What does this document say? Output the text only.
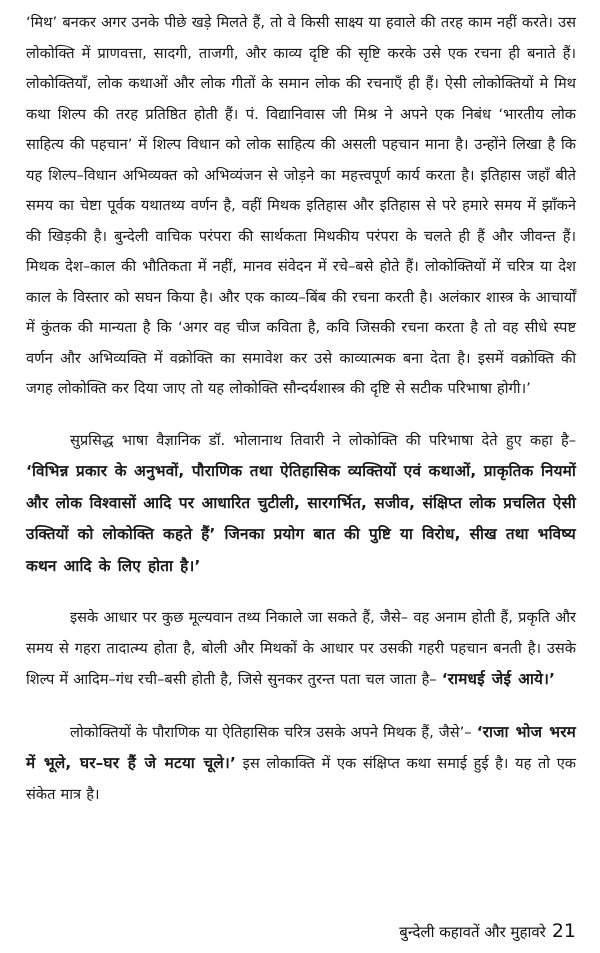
‘मिथ’ बनकर अगर उनके पीछे खड़े मिलते हैं, तो वे किसी साक्ष्य या हवाले की तरह काम नहीं करते। उस लोकोक्ति में प्राणवत्ता, सादगी, ताजगी, और काव्य दृष्टि की सृष्टि करके उसे एक रचना ही बनाते हैं। लोकोक्तियाँ, लोक कथाओं और लोक गीतों के समान लोक की रचनाएँ ही हैं। ऐसी लोकोक्तियों मे मिथ कथा शिल्प की तरह प्रतिष्ठित होती हैं। पं. विद्यानिवास जी मिश्र ने अपने एक निबंध ‘भारतीय लोक साहित्य की पहचान’ में शिल्प विधान को लोक साहित्य की असली पहचान माना है। उन्होंने लिखा है कि यह शिल्प–विधान अभिव्यक्त को अभिव्यंजन से जोड़ने का महत्त्वपूर्ण कार्य करता है। इतिहास जहाँ बीते समय का चेष्टा पूर्वक यथातथ्य वर्णन है, वहीं मिथक इतिहास और इतिहास से परे हमारे समय में झाँकने की खिड़की है। बुन्देली वाचिक परंपरा की सार्थकता मिथकीय परंपरा के चलते ही हैं और जीवन्त हैं। मिथक देश–काल की भौतिकता में नहीं, मानव संवेदन में रचे–बसे होते हैं। लोकोक्तियों में चरित्र या देश काल के विस्तार को सघन किया है। और एक काव्य–बिंब की रचना करती है। अलंकार शास्त्र के आचार्यों में कुंतक की मान्यता है कि ‘अगर वह चीज कविता है, कवि जिसकी रचना करता है तो वह सीधे स्पष्ट वर्णन और अभिव्यक्ति में वक्रोक्ति का समावेश कर उसे काव्यात्मक बना देता है। इसमें वक्रोक्ति की जगह लोकोक्ति कर दिया जाए तो यह लोकोक्ति सौन्दर्यशास्त्र की दृष्टि से सटीक परिभाषा होगी।’

सुप्रसिद्ध भाषा वैज्ञानिक डॉ. भोलानाथ तिवारी ने लोकोक्ति की परिभाषा देते हुए कहा है– ‘विभिन्न प्रकार के अनुभवों, पौराणिक तथा ऐतिहासिक व्यक्तियों एवं कथाओं, प्राकृतिक नियमों और लोक विश्वासों आदि पर आधारित चुटीली, सारगर्भित, सजीव, संक्षिप्त लोक प्रचलित ऐसी उक्तियों को लोकोक्ति कहते हैं’ जिनका प्रयोग बात की पुष्टि या विरोध, सीख तथा भविष्य कथन आदि के लिए होता है।’

इसके आधार पर कुछ मूल्यवान तथ्य निकाले जा सकते हैं, जैसे– वह अनाम होती हैं, प्रकृति और समय से गहरा तादात्म्य होता है, बोली और मिथकों के आधार पर उसकी गहरी पहचान बनती है। उसके शिल्प में आदिम–गंध रची–बसी होती है, जिसे सुनकर तुरन्त पता चल जाता है– ‘रामधई जेई आये।’

लोकोक्तियों के पौराणिक या ऐतिहासिक चरित्र उसके अपने मिथक हैं, जैसे’– ‘राजा भोज भरम में भूले, घर–घर हैं जे मटया चूले।’ इस लोकाक्ति में एक संक्षिप्त कथा समाई हुई है। यह तो एक संकेत मात्र है।

बुन्देली कहावतें और मुहावरे 21
